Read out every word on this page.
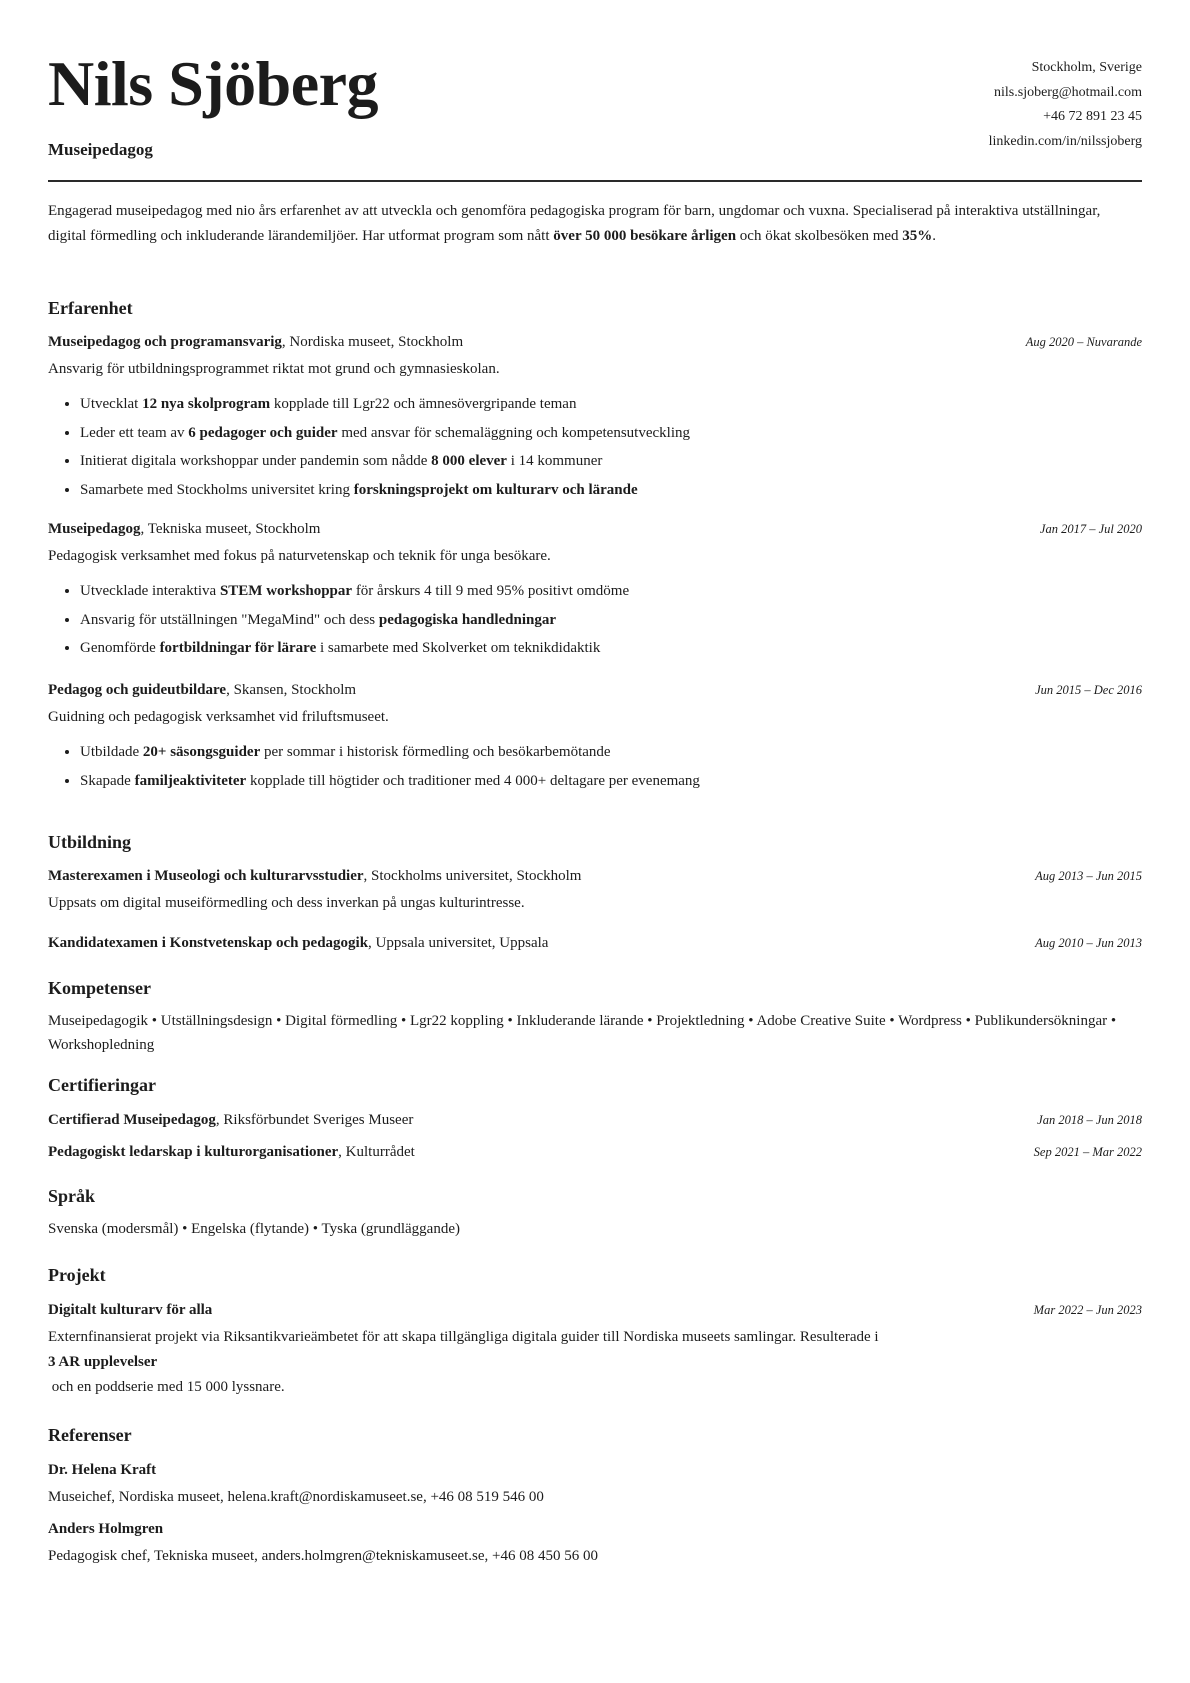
Nils Sjöberg
Museipedagog
Stockholm, Sverige
nils.sjoberg@hotmail.com
+46 72 891 23 45
linkedin.com/in/nilssjoberg
Engagerad museipedagog med nio års erfarenhet av att utveckla och genomföra pedagogiska program för barn, ungdomar och vuxna. Specialiserad på interaktiva utställningar, digital förmedling och inkluderande lärandemiljöer. Har utformat program som nått över 50 000 besökare årligen och ökat skolbesöken med 35%.
Erfarenhet
Museipedagog och programansvarig, Nordiska museet, Stockholm	Aug 2020 – Nuvarande
Ansvarig för utbildningsprogrammet riktat mot grund och gymnasieskolan.
• Utvecklat 12 nya skolprogram kopplade till Lgr22 och ämnesövergripande teman
• Leder ett team av 6 pedagoger och guider med ansvar för schemaläggning och kompetensutveckling
• Initierat digitala workshoppar under pandemin som nådde 8 000 elever i 14 kommuner
• Samarbete med Stockholms universitet kring forskningsprojekt om kulturarv och lärande
Museipedagog, Tekniska museet, Stockholm	Jan 2017 – Jul 2020
Pedagogisk verksamhet med fokus på naturvetenskap och teknik för unga besökare.
• Utvecklade interaktiva STEM workshoppar för årskurs 4 till 9 med 95% positivt omdöme
• Ansvarig för utställningen "MegaMind" och dess pedagogiska handledningar
• Genomförde fortbildningar för lärare i samarbete med Skolverket om teknikdidaktik
Pedagog och guideutbildare, Skansen, Stockholm	Jun 2015 – Dec 2016
Guidning och pedagogisk verksamhet vid friluftsmuseet.
• Utbildade 20+ säsongsguider per sommar i historisk förmedling och besökarbemötande
• Skapade familjeaktiviteter kopplade till högtider och traditioner med 4 000+ deltagare per evenemang
Utbildning
Masterexamen i Museologi och kulturarvsstudier, Stockholms universitet, Stockholm	Aug 2013 – Jun 2015
Uppsats om digital museiförmedling och dess inverkan på ungas kulturintresse.
Kandidatexamen i Konstvetenskap och pedagogik, Uppsala universitet, Uppsala	Aug 2010 – Jun 2013
Kompetenser
Museipedagogik • Utställningsdesign • Digital förmedling • Lgr22 koppling • Inkluderande lärande • Projektledning • Adobe Creative Suite • Wordpress • Publikundersökningar • Workshopledning
Certifieringar
Certifierad Museipedagog, Riksförbundet Sveriges Museer	Jan 2018 – Jun 2018
Pedagogiskt ledarskap i kulturorganisationer, Kulturrådet	Sep 2021 – Mar 2022
Språk
Svenska (modersmål) • Engelska (flytande) • Tyska (grundläggande)
Projekt
Digitalt kulturarv för alla	Mar 2022 – Jun 2023
Externfinansierat projekt via Riksantikvarieämbetet för att skapa tillgängliga digitala guider till Nordiska museets samlingar. Resulterade i
3 AR upplevelser
och en poddserie med 15 000 lyssnare.
Referenser
Dr. Helena Kraft
Museichef, Nordiska museet, helena.kraft@nordiskamuseet.se, +46 08 519 546 00
Anders Holmgren
Pedagogisk chef, Tekniska museet, anders.holmgren@tekniskamuseet.se, +46 08 450 56 00
